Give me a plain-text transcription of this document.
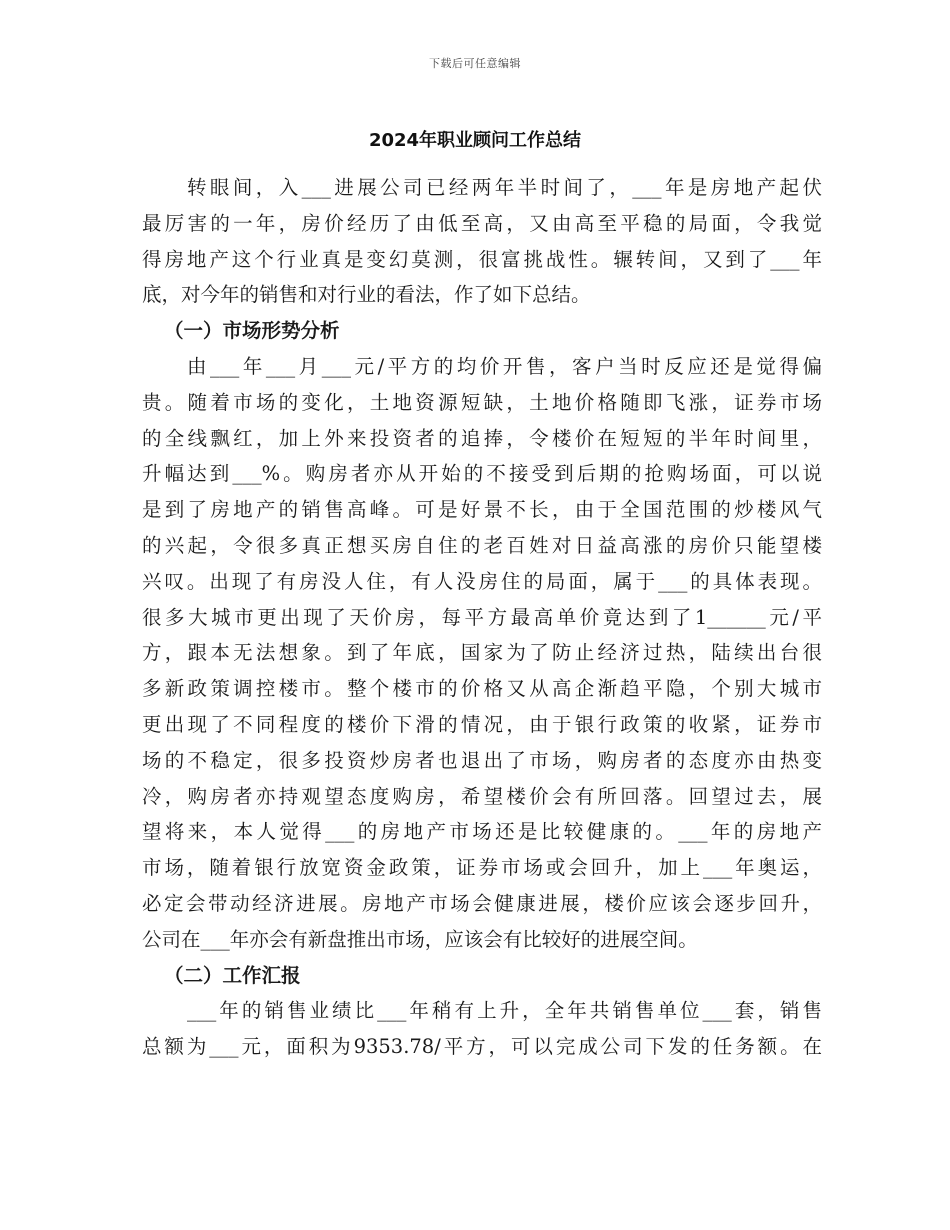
下载后可任意编辑
2024年职业顾问工作总结
转眼间，入___进展公司已经两年半时间了，___年是房地产起伏
最厉害的一年，房价经历了由低至高，又由高至平稳的局面，令我觉
得房地产这个行业真是变幻莫测，很富挑战性。辗转间，又到了___年
底，对今年的销售和对行业的看法，作了如下总结。
（一）市场形势分析
由___年___月___元/平方的均价开售，客户当时反应还是觉得偏
贵。随着市场的变化，土地资源短缺，土地价格随即飞涨，证券市场
的全线飘红，加上外来投资者的追捧，令楼价在短短的半年时间里，
升幅达到___%。购房者亦从开始的不接受到后期的抢购场面，可以说
是到了房地产的销售高峰。可是好景不长，由于全国范围的炒楼风气
的兴起，令很多真正想买房自住的老百姓对日益高涨的房价只能望楼
兴叹。出现了有房没人住，有人没房住的局面，属于___的具体表现。
很多大城市更出现了天价房，每平方最高单价竟达到了1______元/平
方，跟本无法想象。到了年底，国家为了防止经济过热，陆续出台很
多新政策调控楼市。整个楼市的价格又从高企渐趋平隐，个别大城市
更出现了不同程度的楼价下滑的情况，由于银行政策的收紧，证券市
场的不稳定，很多投资炒房者也退出了市场，购房者的态度亦由热变
冷，购房者亦持观望态度购房，希望楼价会有所回落。回望过去，展
望将来，本人觉得___的房地产市场还是比较健康的。___年的房地产
市场，随着银行放宽资金政策，证券市场或会回升，加上___年奥运，
必定会带动经济进展。房地产市场会健康进展，楼价应该会逐步回升，
公司在___年亦会有新盘推出市场，应该会有比较好的进展空间。
（二）工作汇报
___年的销售业绩比___年稍有上升，全年共销售单位___套，销售
总额为___元，面积为9353.78/平方，可以完成公司下发的任务额。在
